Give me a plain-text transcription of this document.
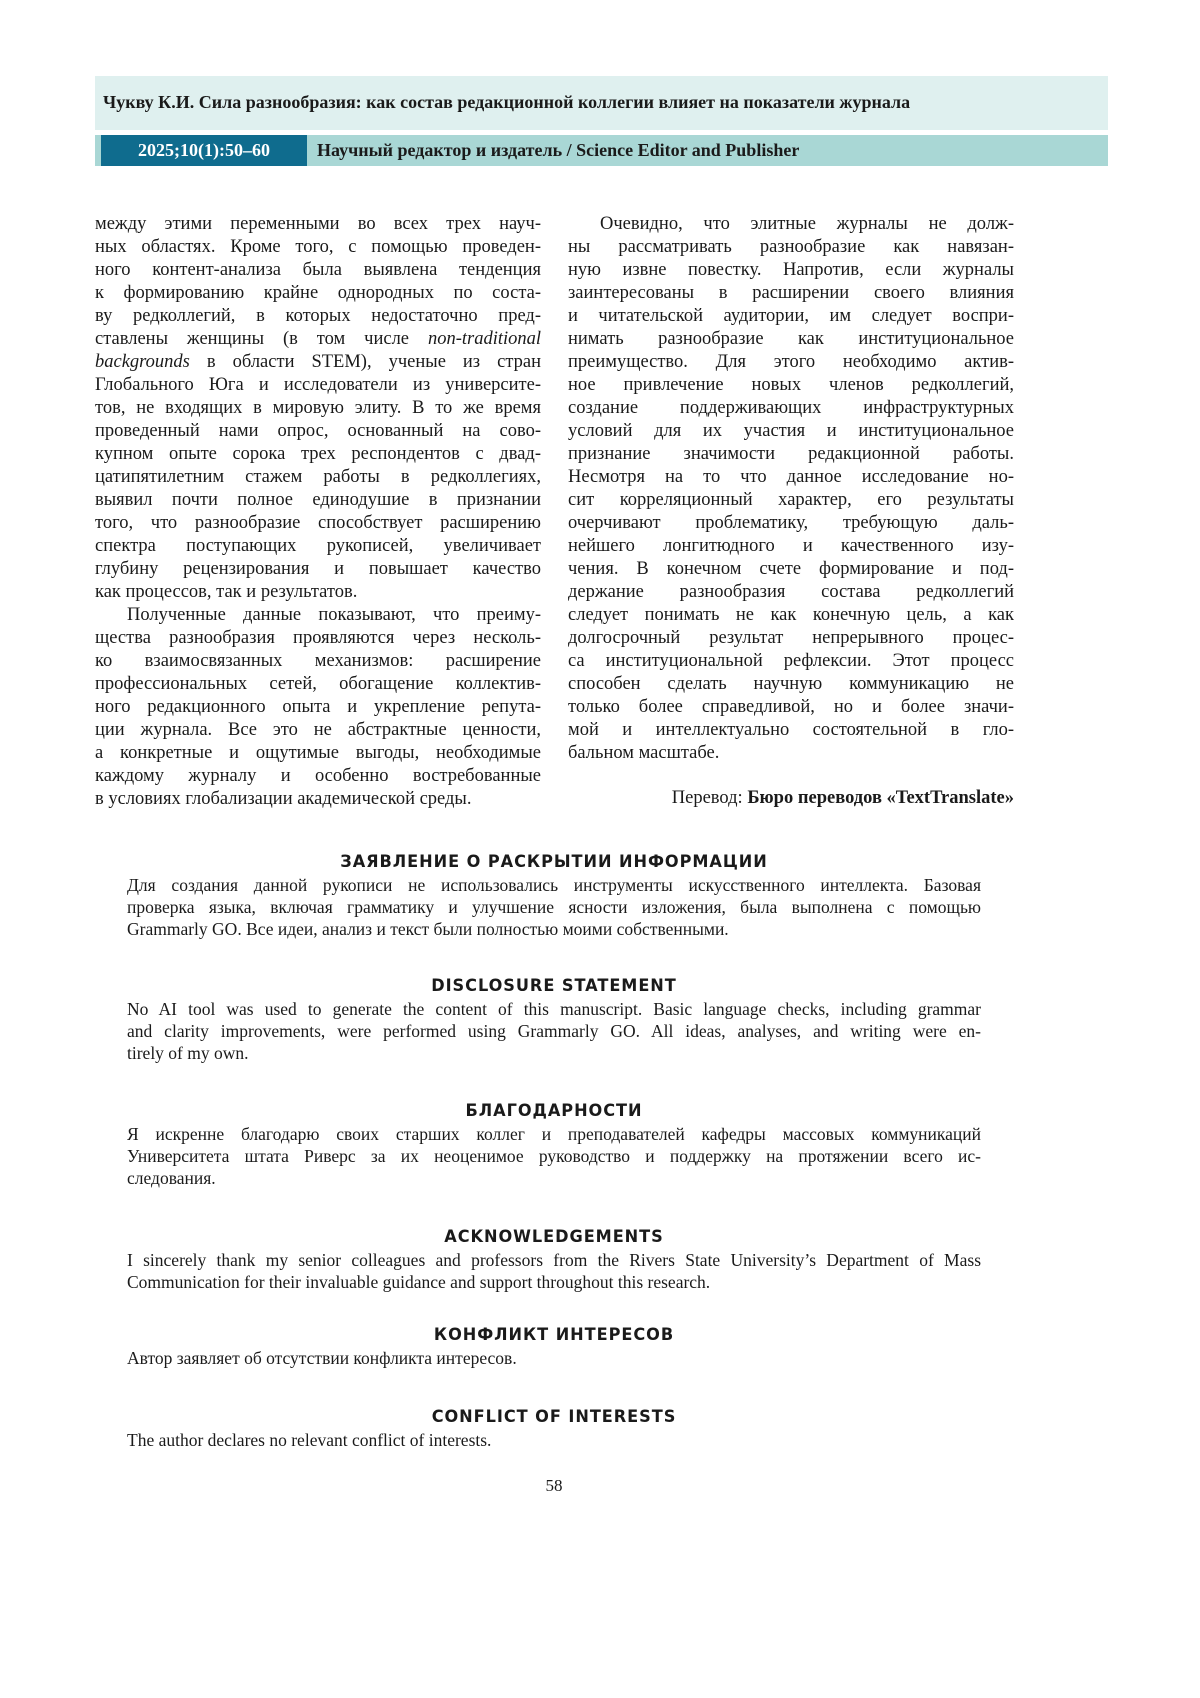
Чукву К.И. Сила разнообразия: как состав редакционной коллегии влияет на показатели журнала
2025;10(1):50–60	Научный редактор и издатель / Science Editor and Publisher
между этими переменными во всех трех науч-
ных областях. Кроме того, с помощью проведен-
ного контент-анализа была выявлена тенденция
к формированию крайне однородных по соста-
ву редколлегий, в которых недостаточно пред-
ставлены женщины (в том числе non-traditional
backgrounds в области STEM), ученые из стран
Глобального Юга и исследователи из университе-
тов, не входящих в мировую элиту. В то же время
проведенный нами опрос, основанный на сово-
купном опыте сорока трех респондентов с двад-
цатипятилетним стажем работы в редколлегиях,
выявил почти полное единодушие в признании
того, что разнообразие способствует расширению
спектра поступающих рукописей, увеличивает
глубину рецензирования и повышает качество
как процессов, так и результатов.
Полученные данные показывают, что преиму-
щества разнообразия проявляются через несколь-
ко взаимосвязанных механизмов: расширение
профессиональных сетей, обогащение коллектив-
ного редакционного опыта и укрепление репута-
ции журнала. Все это не абстрактные ценности,
а конкретные и ощутимые выгоды, необходимые
каждому журналу и особенно востребованные
в условиях глобализации академической среды.
Очевидно, что элитные журналы не долж-
ны рассматривать разнообразие как навязан-
ную извне повестку. Напротив, если журналы
заинтересованы в расширении своего влияния
и читательской аудитории, им следует воспри-
нимать разнообразие как институциональное
преимущество. Для этого необходимо актив-
ное привлечение новых членов редколлегий,
создание поддерживающих инфраструктурных
условий для их участия и институциональное
признание значимости редакционной работы.
Несмотря на то что данное исследование но-
сит корреляционный характер, его результаты
очерчивают проблематику, требующую даль-
нейшего лонгитюдного и качественного изу-
чения. В конечном счете формирование и под-
держание разнообразия состава редколлегий
следует понимать не как конечную цель, а как
долгосрочный результат непрерывного процес-
са институциональной рефлексии. Этот процесс
способен сделать научную коммуникацию не
только более справедливой, но и более значи-
мой и интеллектуально состоятельной в гло-
бальном масштабе.
Перевод: Бюро переводов «TextTranslate»
ЗАЯВЛЕНИЕ О РАСКРЫТИИ ИНФОРМАЦИИ
Для создания данной рукописи не использовались инструменты искусственного интеллекта. Базовая
проверка языка, включая грамматику и улучшение ясности изложения, была выполнена с помощью
Grammarly GO. Все идеи, анализ и текст были полностью моими собственными.
DISCLOSURE STATEMENT
No AI tool was used to generate the content of this manuscript. Basic language checks, including grammar
and clarity improvements, were performed using Grammarly GO. All ideas, analyses, and writing were en-
tirely of my own.
БЛАГОДАРНОСТИ
Я искренне благодарю своих старших коллег и преподавателей кафедры массовых коммуникаций
Университета штата Риверс за их неоценимое руководство и поддержку на протяжении всего ис-
следования.
ACKNOWLEDGEMENTS
I sincerely thank my senior colleagues and professors from the Rivers State University’s Department of Mass
Communication for their invaluable guidance and support throughout this research.
КОНФЛИКТ ИНТЕРЕСОВ
Автор заявляет об отсутствии конфликта интересов.
CONFLICT OF INTERESTS
The author declares no relevant conflict of interests.
58
